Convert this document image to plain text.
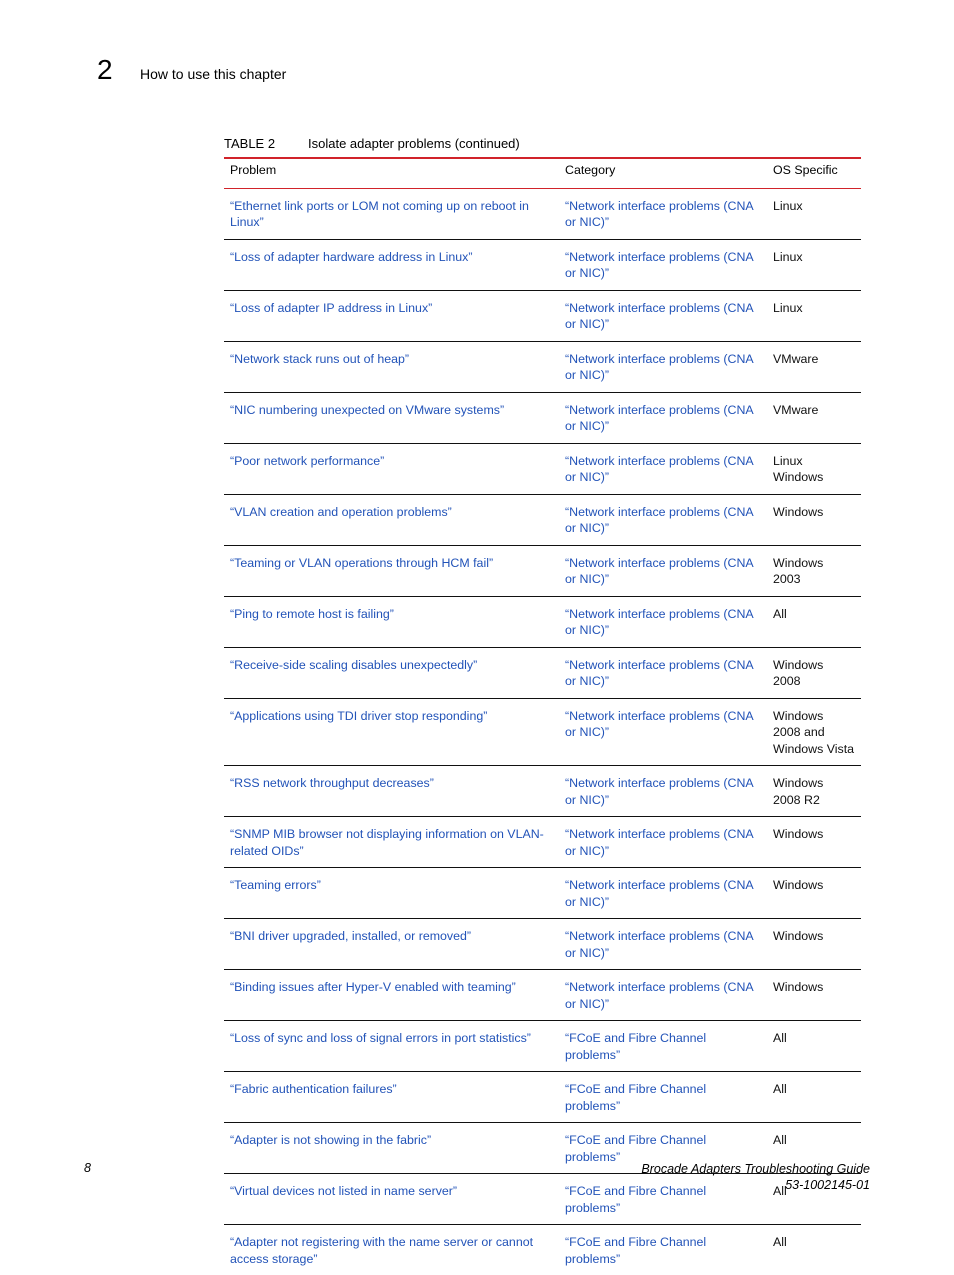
2 How to use this chapter
TABLE 2	Isolate adapter problems (continued)
Problem	Category	OS Specific
“Ethernet link ports or LOM not coming up on reboot in Linux”	“Network interface problems (CNA or NIC)”	Linux
“Loss of adapter hardware address in Linux”	“Network interface problems (CNA or NIC)”	Linux
“Loss of adapter IP address in Linux”	“Network interface problems (CNA or NIC)”	Linux
“Network stack runs out of heap”	“Network interface problems (CNA or NIC)”	VMware
“NIC numbering unexpected on VMware systems”	“Network interface problems (CNA or NIC)”	VMware
“Poor network performance”	“Network interface problems (CNA or NIC)”	Linux
Windows
“VLAN creation and operation problems”	“Network interface problems (CNA or NIC)”	Windows
“Teaming or VLAN operations through HCM fail”	“Network interface problems (CNA or NIC)”	Windows
2003
“Ping to remote host is failing”	“Network interface problems (CNA or NIC)”	All
“Receive-side scaling disables unexpectedly”	“Network interface problems (CNA or NIC)”	Windows
2008
“Applications using TDI driver stop responding”	“Network interface problems (CNA or NIC)”	Windows
2008 and
Windows Vista
“RSS network throughput decreases”	“Network interface problems (CNA or NIC)”	Windows
2008 R2
“SNMP MIB browser not displaying information on VLAN-related OIDs”	“Network interface problems (CNA or NIC)”	Windows
“Teaming errors”	“Network interface problems (CNA or NIC)”	Windows
“BNI driver upgraded, installed, or removed”	“Network interface problems (CNA or NIC)”	Windows
“Binding issues after Hyper-V enabled with teaming”	“Network interface problems (CNA or NIC)”	Windows
“Loss of sync and loss of signal errors in port statistics”	“FCoE and Fibre Channel problems”	All
“Fabric authentication failures”	“FCoE and Fibre Channel problems”	All
“Adapter is not showing in the fabric”	“FCoE and Fibre Channel problems”	All
“Virtual devices not listed in name server”	“FCoE and Fibre Channel problems”	All
“Adapter not registering with the name server or cannot access storage”	“FCoE and Fibre Channel problems”	All
8	Brocade Adapters Troubleshooting Guide
53-1002145-01
